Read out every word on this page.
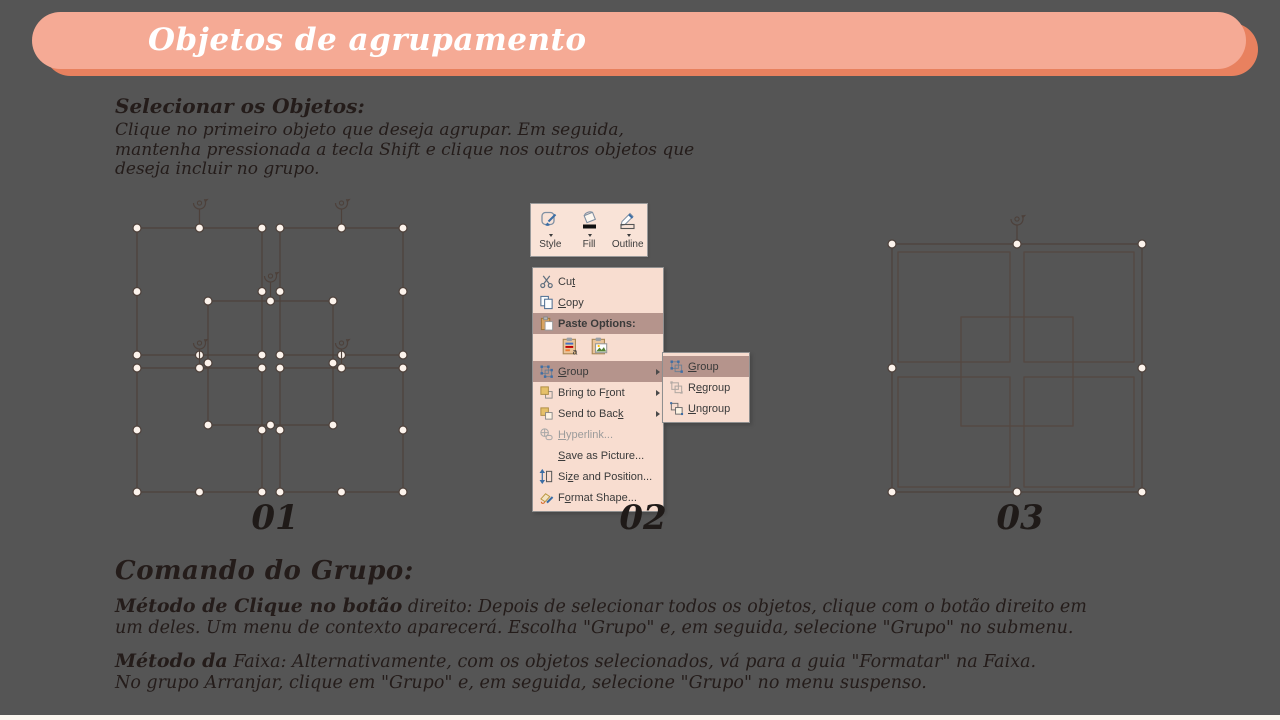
Objetos de agrupamento
Selecionar os Objetos:
Clique no primeiro objeto que deseja agrupar. Em seguida,
mantenha pressionada a tecla Shift e clique nos outros objetos que
deseja incluir no grupo.
Style Fill Outline
Cut
Copy
Paste Options:
a
Group
Bring to Front
Send to Back
Hyperlink...
Save as Picture...
Size and Position...
Format Shape...
Group
Regroup
Ungroup
01	02	03
Comando do Grupo:
Método de Clique no botão direito: Depois de selecionar todos os objetos, clique com o botão direito em
um deles. Um menu de contexto aparecerá. Escolha "Grupo" e, em seguida, selecione "Grupo" no submenu.
Método da Faixa: Alternativamente, com os objetos selecionados, vá para a guia "Formatar" na Faixa.
No grupo Arranjar, clique em "Grupo" e, em seguida, selecione "Grupo" no menu suspenso.
